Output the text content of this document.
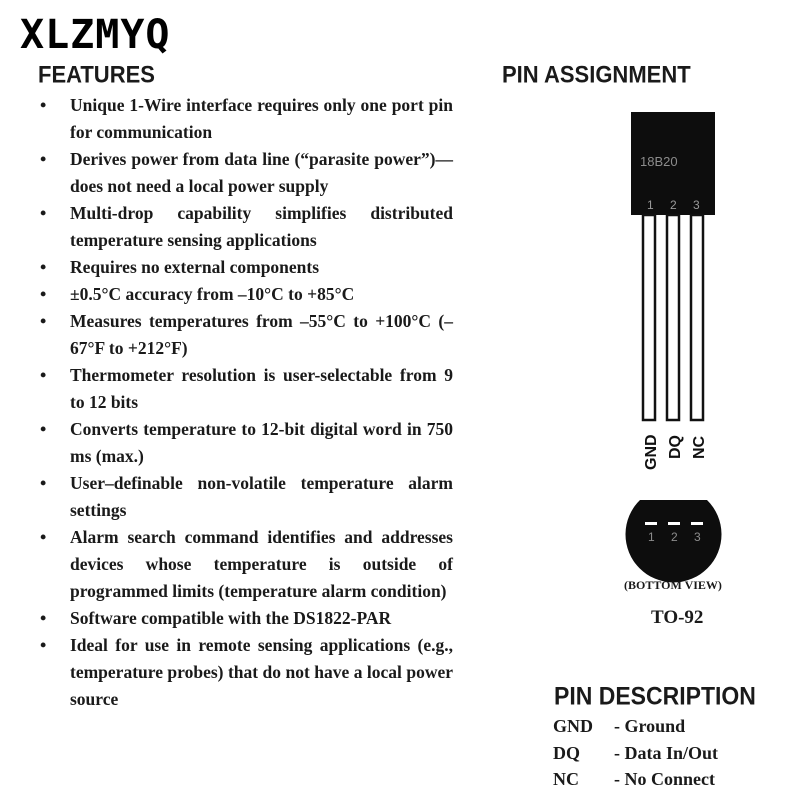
XLZMYQ
FEATURES
• Unique 1-Wire interface requires only one port pin for communication
• Derives power from data line (“parasite power”)—does not need a local power supply
• Multi-drop capability simplifies distributed temperature sensing applications
• Requires no external components
• ±0.5°C accuracy from –10°C to +85°C
• Measures temperatures from –55°C to +100°C (–67°F to +212°F)
• Thermometer resolution is user-selectable from 9 to 12 bits
• Converts temperature to 12-bit digital word in 750 ms (max.)
• User–definable non-volatile temperature alarm settings
• Alarm search command identifies and addresses devices whose temperature is outside of programmed limits (temperature alarm condition)
• Software compatible with the DS1822-PAR
• Ideal for use in remote sensing applications (e.g., temperature probes) that do not have a local power source
PIN ASSIGNMENT
18B20
1 2 3
GND DQ NC
1 2 3
(BOTTOM VIEW)
TO-92
PIN DESCRIPTION
GND - Ground
DQ - Data In/Out
NC - No Connect
